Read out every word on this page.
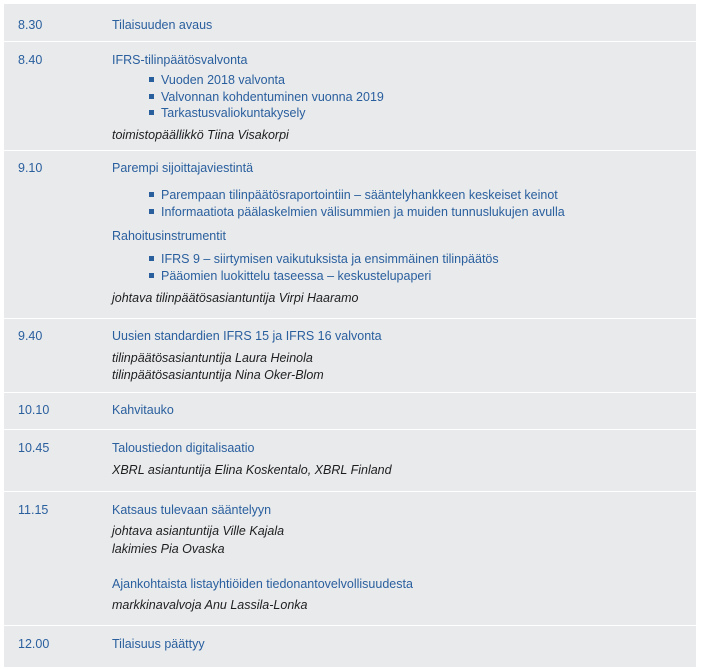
8.30	Tilaisuuden avaus
8.40	IFRS-tilinpäätösvalvonta
Vuoden 2018 valvonta
Valvonnan kohdentuminen vuonna 2019
Tarkastusvaliokuntakysely
toimistopäällikkö Tiina Visakorpi
9.10	Parempi sijoittajaviestintä
Parempaan tilinpäätösraportointiin – sääntelyhankkeen keskeiset keinot
Informaatiota päälaskelmien välisummien ja muiden tunnuslukujen avulla
Rahoitusinstrumentit
IFRS 9 – siirtymisen vaikutuksista ja ensimmäinen tilinpäätös
Pääomien luokittelu taseessa – keskustelupaperi
johtava tilinpäätösasiantuntija Virpi Haaramo
9.40	Uusien standardien IFRS 15 ja IFRS 16 valvonta
tilinpäätösasiantuntija Laura Heinola
tilinpäätösasiantuntija Nina Oker-Blom
10.10	Kahvitauko
10.45	Taloustiedon digitalisaatio
XBRL asiantuntija Elina Koskentalo, XBRL Finland
11.15	Katsaus tulevaan sääntelyyn
johtava asiantuntija Ville Kajala
lakimies Pia Ovaska
Ajankohtaista listayhtiöiden tiedonantovelvollisuudesta
markkinavalvoja Anu Lassila-Lonka
12.00	Tilaisuus päättyy
